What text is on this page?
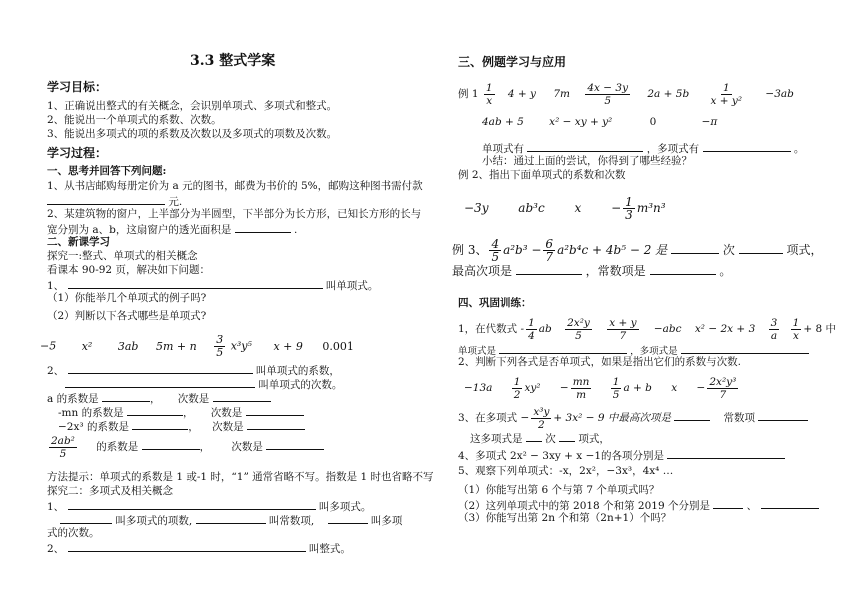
3.3 整式学案
学习目标：
1、正确说出整式的有关概念，会识别单项式、多项式和整式。
2、能说出一个单项式的系数、次数。
3、能说出多项式的项的系数及次数以及多项式的项数及次数。
学习过程：
一、思考并回答下列问题:
1、从书店邮购每册定价为 a 元的图书，邮费为书价的 5%，邮购这种图书需付款
元.
2、某建筑物的窗户，上半部分为半圆型，下半部分为长方形，已知长方形的长与
宽分别为 a、b，这扇窗户的透光面积是	.
二、新课学习
探究一:整式、单项式的相关概念
看课本 90-92 页，解决如下问题：
1、	叫单项式。
（1）你能举几个单项式的例子吗?
（2）判断以下各式哪些是单项式?
−5 x² 3ab 5m + n $\frac{3}{5} x^3y^5$ x + 9 0.001
2、	叫单项式的系数，
叫单项式的次数。
a 的系数是	， 次数是
-mn 的系数是	， 次数是
−2x³ 的系数是	， 次数是
$\frac{\text{2ab²}}{5}$ 的系数是	， 次数是
方法提示：单项式的系数是 1 或-1 时，“1” 通常省略不写。指数是 1 时也省略不写
探究二：多项式及相关概念
1、	叫多项式。
叫多项式的项数,	叫常数项,	叫多项
式的次数。
2、	叫整式。
三、例题学习与应用
例 $1 \frac{1}{x} 4 + y$ $7m \frac{4x - 3y}{5} 2a + 5b \frac{1}{\text{x + y²}} -3ab$
4ab + 5 x² − xy + y²	0	−π
单项式有	，多项式有	。
小结：通过上面的尝试，你得到了哪些经验？
例 2、指出下面单项式的系数和次数
−3y ab³c $x - \frac{1}{3} m^3n^3$
例 3、 $\frac{4}{5} a^2b^3 - \frac{6}{7} a^2b^4c + 4b^5 - 2$ 是	次	项式，
最高次项是	，常数项是	。
四、巩固训练：
1，在代数式 - $\frac{1}{4}$ ab $\frac{\text{2x²y}}{5}$
$\frac{x + y}{7} -abc$ $x^2 - 2x + 3 \frac{3}{a}$
$\frac{1}{x} + 8$ 中
单项式是	，多项式是
2、判断下列各式是否单项式，如果是指出它们的系数与次数.
$-13a \frac{1}{2} xy^2 - \frac{mn}{m}$
$\frac{1}{5}$ a + b $x - \frac{\text{2x²y³}}{7}$
3、在多项式 − $\frac{\text{x³y}}{2} + 3x^2 - 9$ 中最高次项是	常数项
这多项式是 次 项式，
4、多项式 2x² − 3xy + x −1的各项分别是
5、观察下列单项式：-x，2x²，−3x³，4x⁴ …
（1）你能写出第 6 个与第 7 个单项式吗？
（2）这列单项式中的第 2018 个和第 2019 个分别是	、
（3）你能写出第 2n 个和第（2n+1）个吗？
